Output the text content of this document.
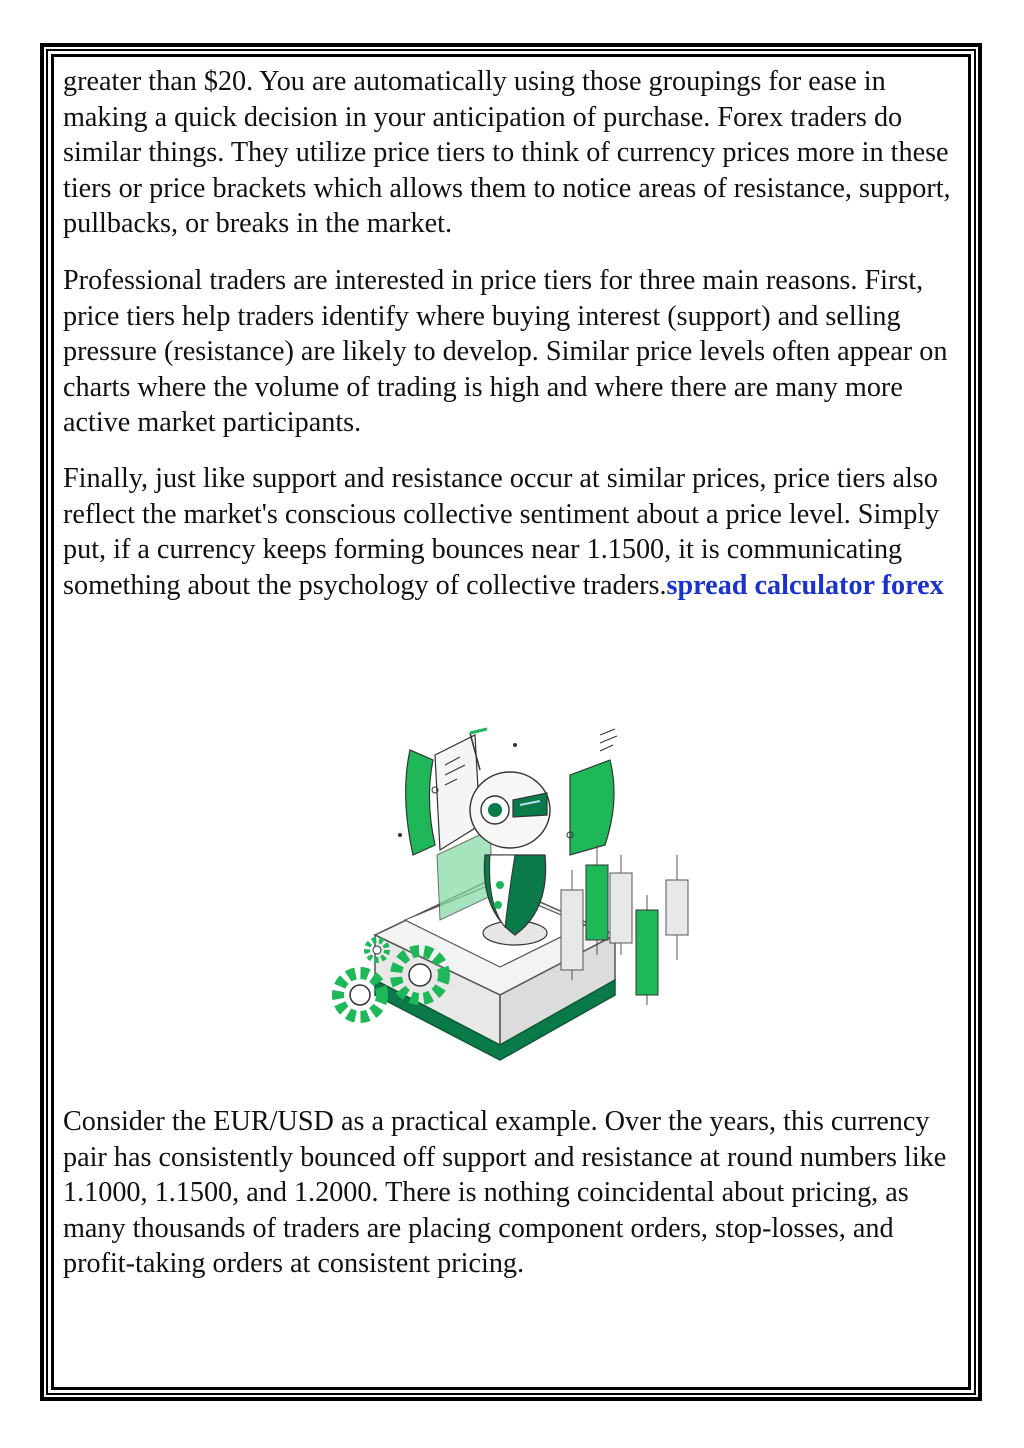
greater than $20. You are automatically using those groupings for ease in making a quick decision in your anticipation of purchase. Forex traders do similar things. They utilize price tiers to think of currency prices more in these tiers or price brackets which allows them to notice areas of resistance, support, pullbacks, or breaks in the market.

Professional traders are interested in price tiers for three main reasons. First, price tiers help traders identify where buying interest (support) and selling pressure (resistance) are likely to develop. Similar price levels often appear on charts where the volume of trading is high and where there are many more active market participants.

Finally, just like support and resistance occur at similar prices, price tiers also reflect the market's conscious collective sentiment about a price level. Simply put, if a currency keeps forming bounces near 1.1500, it is communicating something about the psychology of collective traders.spread calculator forex

Consider the EUR/USD as a practical example. Over the years, this currency pair has consistently bounced off support and resistance at round numbers like 1.1000, 1.1500, and 1.2000. There is nothing coincidental about pricing, as many thousands of traders are placing component orders, stop-losses, and profit-taking orders at consistent pricing.
